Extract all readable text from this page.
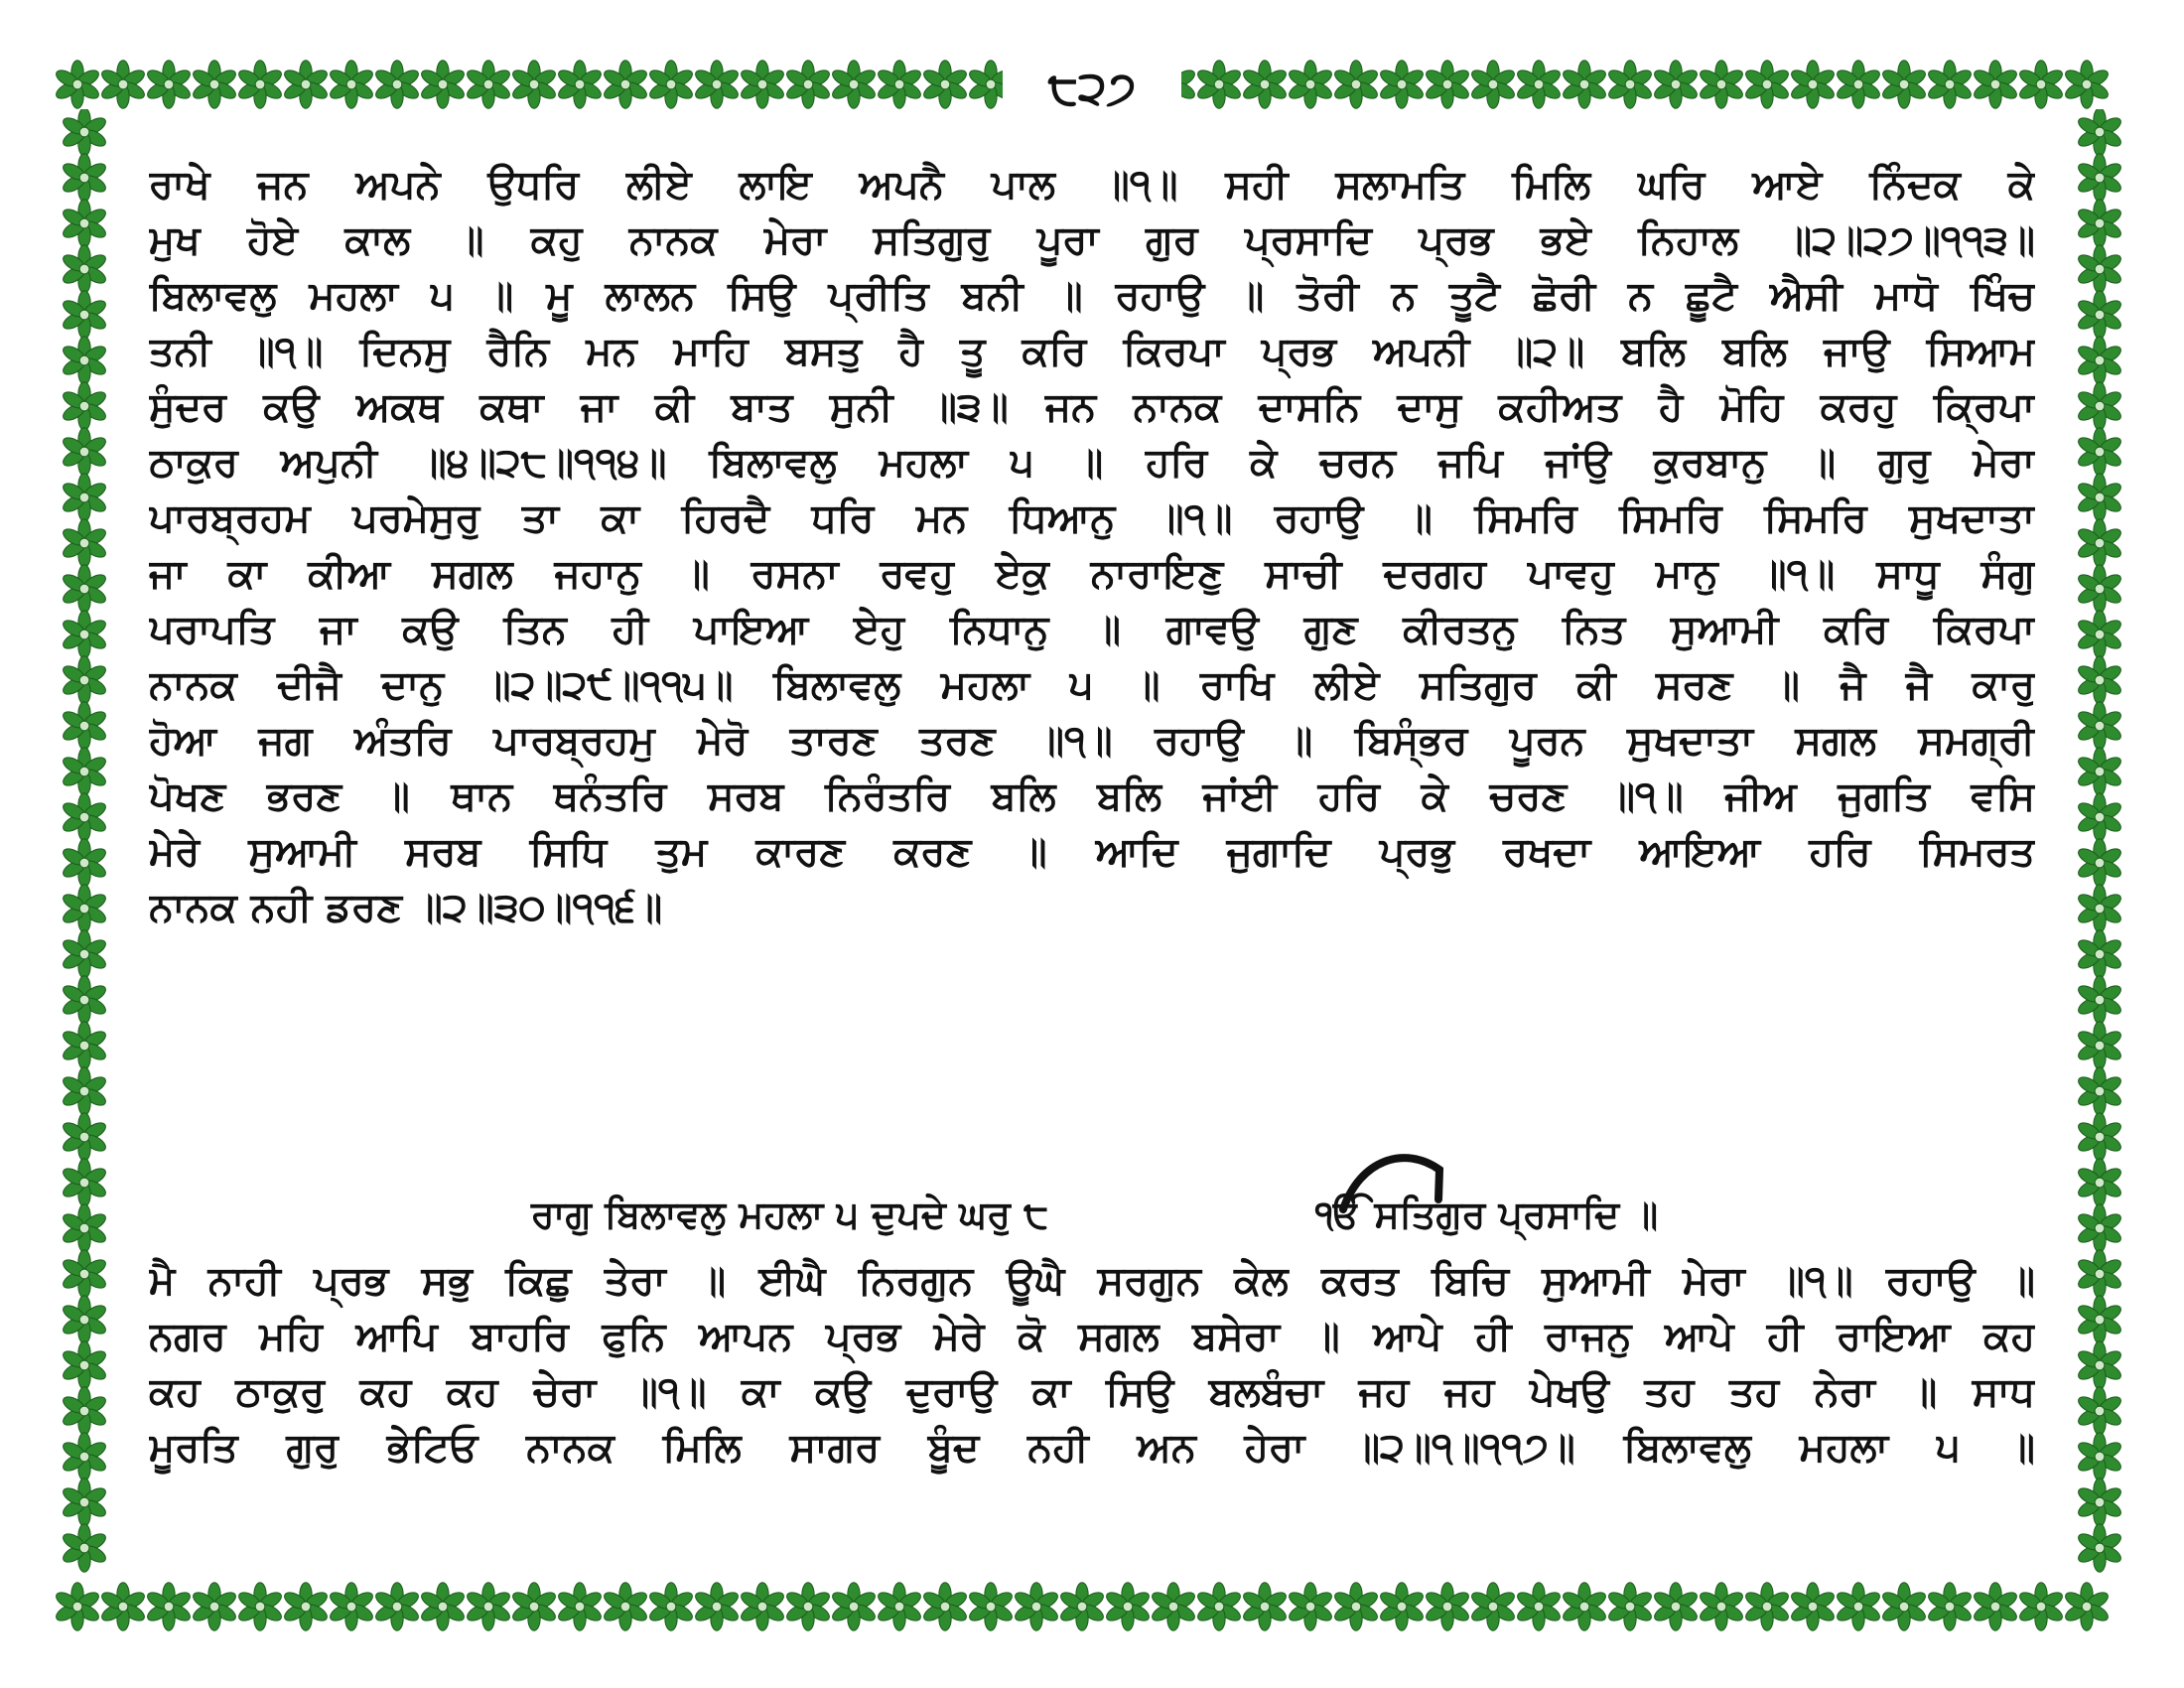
੮੨੭
ਰਾਖੇ ਜਨ ਅਪਨੇ ਉਧਰਿ ਲੀਏ ਲਾਇ ਅਪਨੈ ਪਾਲ ॥੧॥ ਸਹੀ ਸਲਾਮਤਿ ਮਿਲਿ ਘਰਿ ਆਏ ਨਿੰਦਕ ਕੇ
ਮੁਖ ਹੋਏ ਕਾਲ ॥ ਕਹੁ ਨਾਨਕ ਮੇਰਾ ਸਤਿਗੁਰੁ ਪੂਰਾ ਗੁਰ ਪ੍ਰਸਾਦਿ ਪ੍ਰਭ ਭਏ ਨਿਹਾਲ ॥੨॥੨੭॥੧੧੩॥
ਬਿਲਾਵਲੁ ਮਹਲਾ ੫ ॥ ਮੂ ਲਾਲਨ ਸਿਉ ਪ੍ਰੀਤਿ ਬਨੀ ॥ ਰਹਾਉ ॥ ਤੋਰੀ ਨ ਤੂਟੈ ਛੋਰੀ ਨ ਛੂਟੈ ਐਸੀ ਮਾਧੋ ਖਿੰਚ
ਤਨੀ ॥੧॥ ਦਿਨਸੁ ਰੈਨਿ ਮਨ ਮਾਹਿ ਬਸਤੁ ਹੈ ਤੂ ਕਰਿ ਕਿਰਪਾ ਪ੍ਰਭ ਅਪਨੀ ॥੨॥ ਬਲਿ ਬਲਿ ਜਾਉ ਸਿਆਮ
ਸੁੰਦਰ ਕਉ ਅਕਥ ਕਥਾ ਜਾ ਕੀ ਬਾਤ ਸੁਨੀ ॥੩॥ ਜਨ ਨਾਨਕ ਦਾਸਨਿ ਦਾਸੁ ਕਹੀਅਤ ਹੈ ਮੋਹਿ ਕਰਹੁ ਕ੍ਰਿਪਾ
ਠਾਕੁਰ ਅਪੁਨੀ ॥੪॥੨੮॥੧੧੪॥ ਬਿਲਾਵਲੁ ਮਹਲਾ ੫ ॥ ਹਰਿ ਕੇ ਚਰਨ ਜਪਿ ਜਾਂਉ ਕੁਰਬਾਨੁ ॥ ਗੁਰੁ ਮੇਰਾ
ਪਾਰਬ੍ਰਹਮ ਪਰਮੇਸੁਰੁ ਤਾ ਕਾ ਹਿਰਦੈ ਧਰਿ ਮਨ ਧਿਆਨੁ ॥੧॥ ਰਹਾਉ ॥ ਸਿਮਰਿ ਸਿਮਰਿ ਸਿਮਰਿ ਸੁਖਦਾਤਾ
ਜਾ ਕਾ ਕੀਆ ਸਗਲ ਜਹਾਨੁ ॥ ਰਸਨਾ ਰਵਹੁ ਏਕੁ ਨਾਰਾਇਣੁ ਸਾਚੀ ਦਰਗਹ ਪਾਵਹੁ ਮਾਨੁ ॥੧॥ ਸਾਧੂ ਸੰਗੁ
ਪਰਾਪਤਿ ਜਾ ਕਉ ਤਿਨ ਹੀ ਪਾਇਆ ਏਹੁ ਨਿਧਾਨੁ ॥ ਗਾਵਉ ਗੁਣ ਕੀਰਤਨੁ ਨਿਤ ਸੁਆਮੀ ਕਰਿ ਕਿਰਪਾ
ਨਾਨਕ ਦੀਜੈ ਦਾਨੁ ॥੨॥੨੯॥੧੧੫॥ ਬਿਲਾਵਲੁ ਮਹਲਾ ੫ ॥ ਰਾਖਿ ਲੀਏ ਸਤਿਗੁਰ ਕੀ ਸਰਣ ॥ ਜੈ ਜੈ ਕਾਰੁ
ਹੋਆ ਜਗ ਅੰਤਰਿ ਪਾਰਬ੍ਰਹਮੁ ਮੇਰੋ ਤਾਰਣ ਤਰਣ ॥੧॥ ਰਹਾਉ ॥ ਬਿਸ੍ੰਭਰ ਪੂਰਨ ਸੁਖਦਾਤਾ ਸਗਲ ਸਮਗ੍ਰੀ
ਪੋਖਣ ਭਰਣ ॥ ਥਾਨ ਥਨੰਤਰਿ ਸਰਬ ਨਿਰੰਤਰਿ ਬਲਿ ਬਲਿ ਜਾਂਈ ਹਰਿ ਕੇ ਚਰਣ ॥੧॥ ਜੀਅ ਜੁਗਤਿ ਵਸਿ
ਮੇਰੇ ਸੁਆਮੀ ਸਰਬ ਸਿਧਿ ਤੁਮ ਕਾਰਣ ਕਰਣ ॥ ਆਦਿ ਜੁਗਾਦਿ ਪ੍ਰਭੁ ਰਖਦਾ ਆਇਆ ਹਰਿ ਸਿਮਰਤ
ਨਾਨਕ ਨਹੀ ਡਰਣ ॥੨॥੩੦॥੧੧੬॥
ਰਾਗੁ ਬਿਲਾਵਲੁ ਮਹਲਾ ੫ ਦੁਪਦੇ ਘਰੁ ੮	ੴ ਸਤਿਗੁਰ ਪ੍ਰਸਾਦਿ ॥
ਮੈ ਨਾਹੀ ਪ੍ਰਭ ਸਭੁ ਕਿਛੁ ਤੇਰਾ ॥ ਈਘੈ ਨਿਰਗੁਨ ਊਘੈ ਸਰਗੁਨ ਕੇਲ ਕਰਤ ਬਿਚਿ ਸੁਆਮੀ ਮੇਰਾ ॥੧॥ ਰਹਾਉ ॥
ਨਗਰ ਮਹਿ ਆਪਿ ਬਾਹਰਿ ਫੁਨਿ ਆਪਨ ਪ੍ਰਭ ਮੇਰੇ ਕੋ ਸਗਲ ਬਸੇਰਾ ॥ ਆਪੇ ਹੀ ਰਾਜਨੁ ਆਪੇ ਹੀ ਰਾਇਆ ਕਹ
ਕਹ ਠਾਕੁਰੁ ਕਹ ਕਹ ਚੇਰਾ ॥੧॥ ਕਾ ਕਉ ਦੁਰਾਉ ਕਾ ਸਿਉ ਬਲਬੰਚਾ ਜਹ ਜਹ ਪੇਖਉ ਤਹ ਤਹ ਨੇਰਾ ॥ ਸਾਧ
ਮੂਰਤਿ ਗੁਰੁ ਭੇਟਿਓ ਨਾਨਕ ਮਿਲਿ ਸਾਗਰ ਬੂੰਦ ਨਹੀ ਅਨ ਹੇਰਾ ॥੨॥੧॥੧੧੭॥ ਬਿਲਾਵਲੁ ਮਹਲਾ ੫ ॥
